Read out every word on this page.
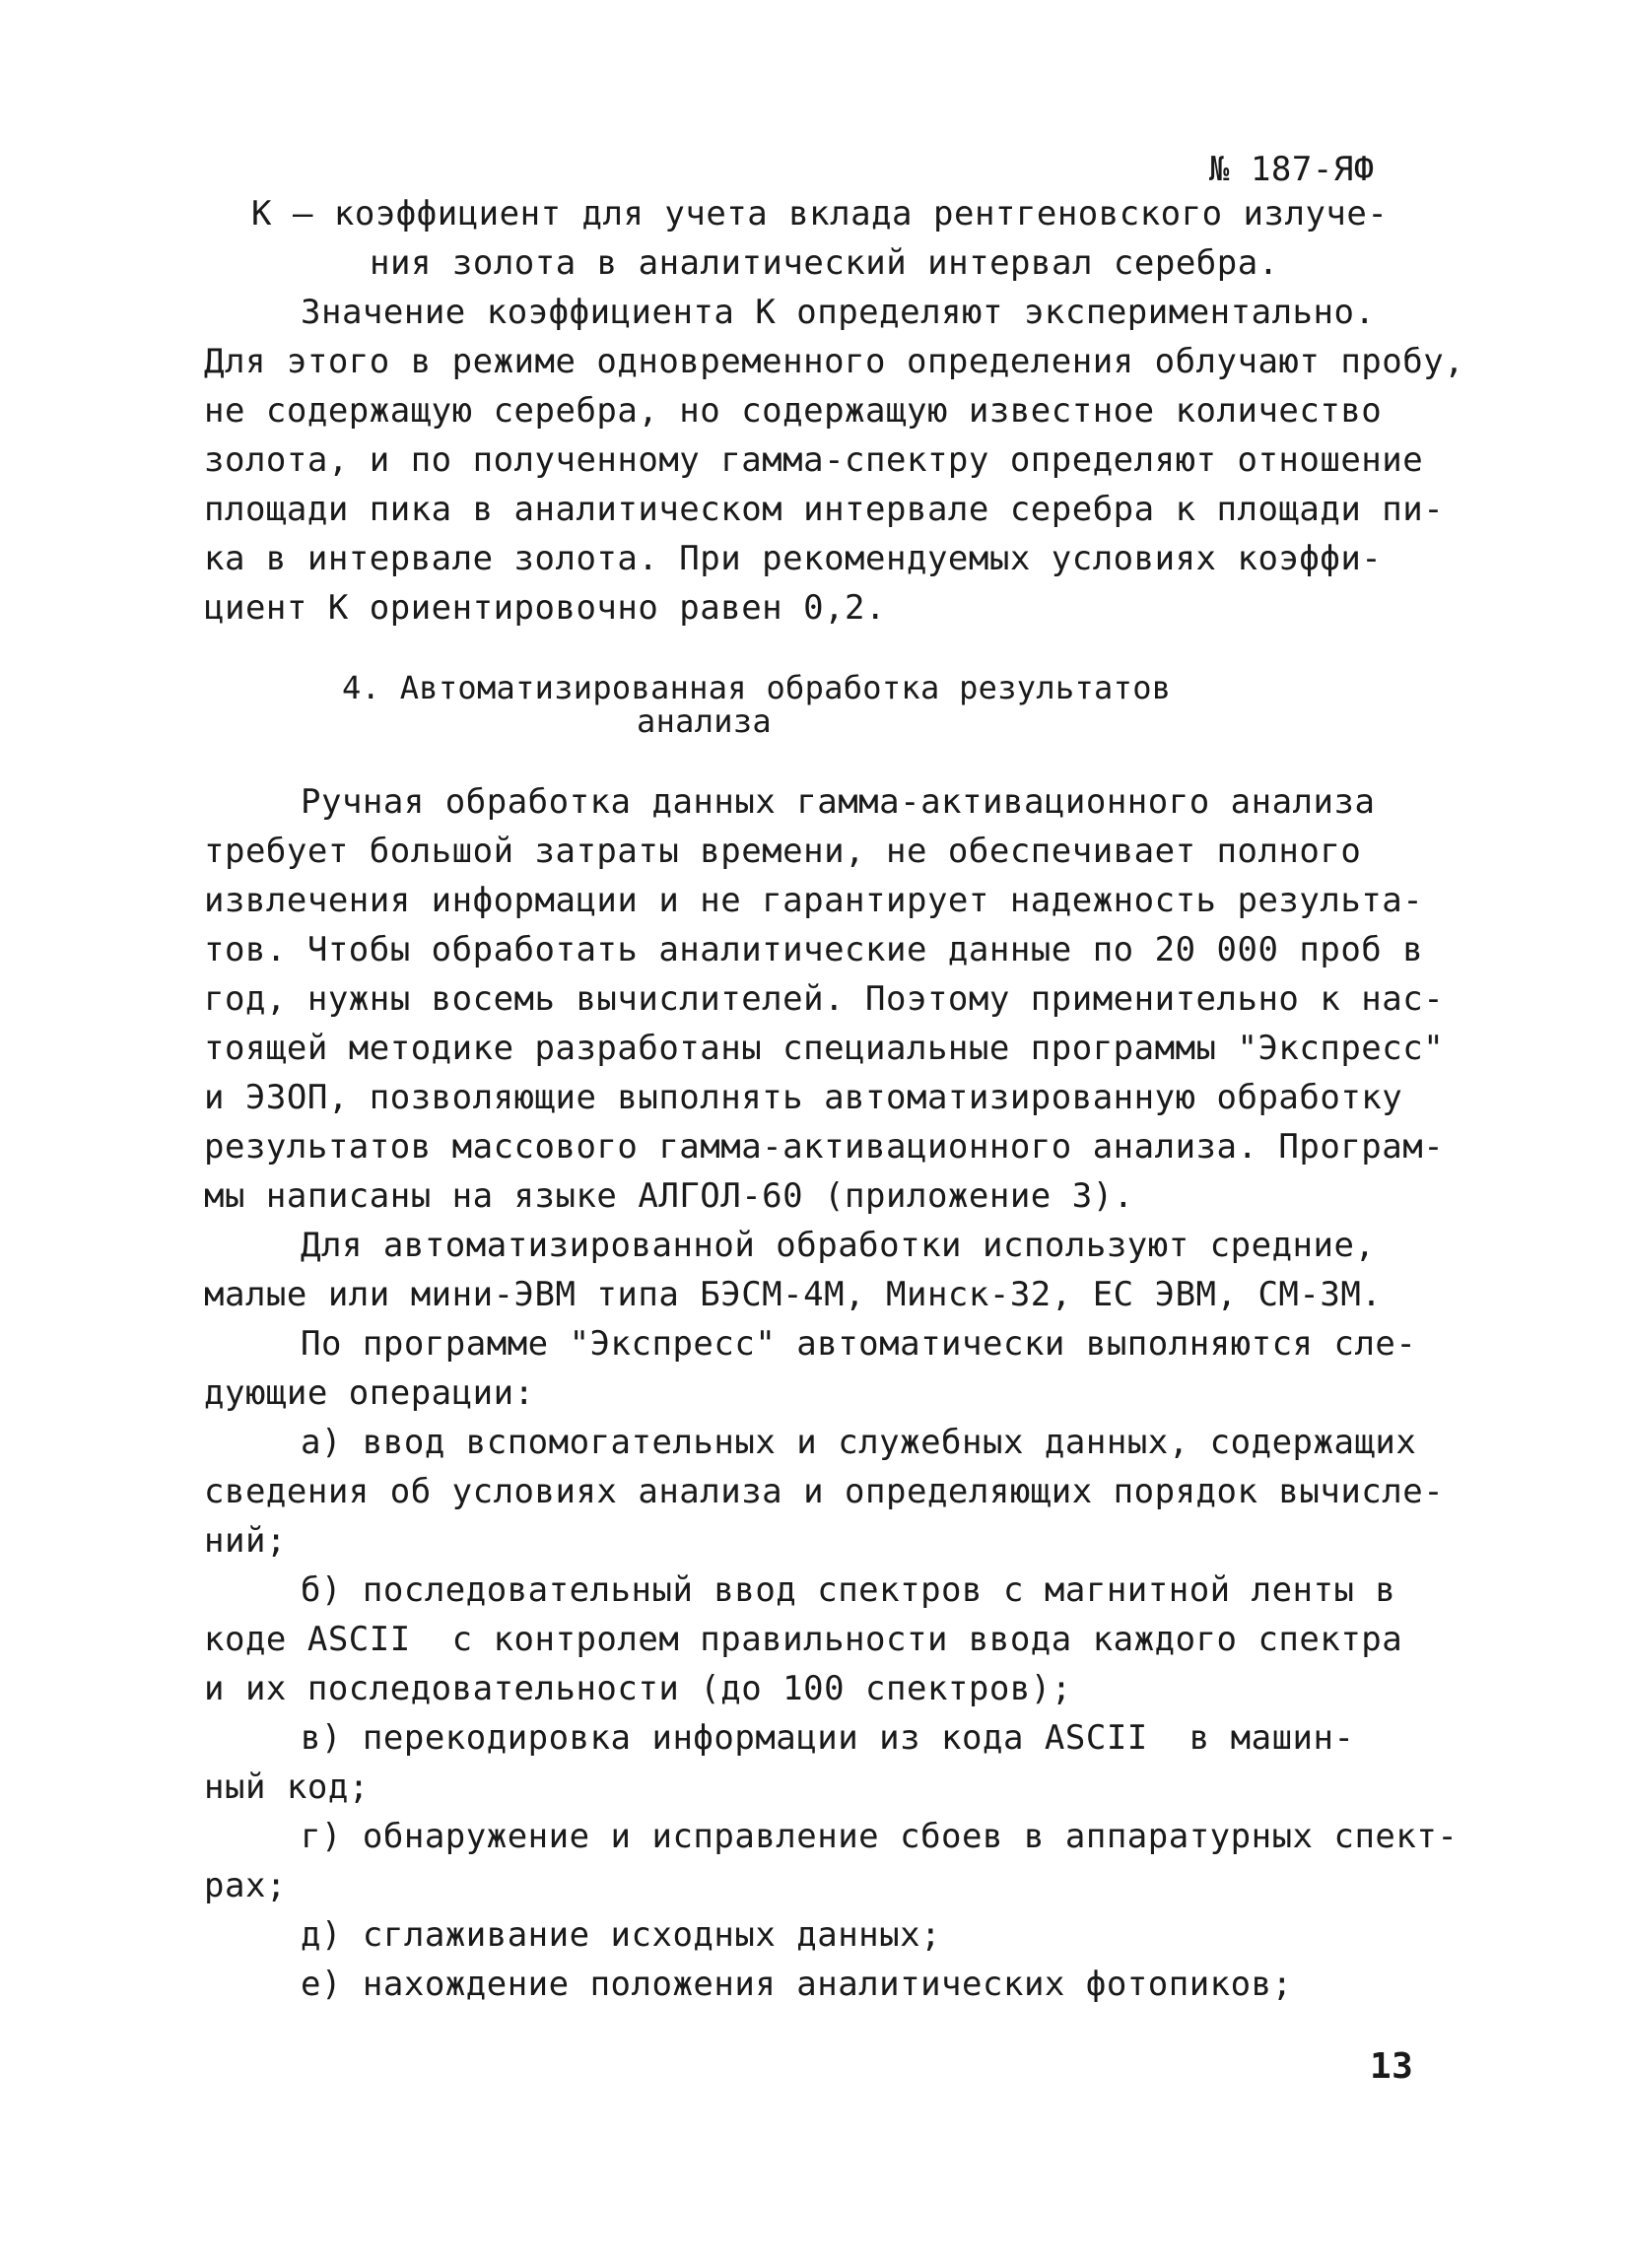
№ 187-ЯФ
К – коэффициент для учета вклада рентгеновского излуче-
ния золота в аналитический интервал серебра.
Значение коэффициента К определяют экспериментально.
Для этого в режиме одновременного определения облучают пробу,
не содержащую серебра, но содержащую известное количество
золота, и по полученному гамма-спектру определяют отношение
площади пика в аналитическом интервале серебра к площади пи-
ка в интервале золота. При рекомендуемых условиях коэффи-
циент К ориентировочно равен 0,2.
4. Автоматизированная обработка результатов
анализа
Ручная обработка данных гамма-активационного анализа
требует большой затраты времени, не обеспечивает полного
извлечения информации и не гарантирует надежность результа-
тов. Чтобы обработать аналитические данные по 20 000 проб в
год, нужны восемь вычислителей. Поэтому применительно к нас-
тоящей методике разработаны специальные программы "Экспресс"
и ЭЗОП, позволяющие выполнять автоматизированную обработку
результатов массового гамма-активационного анализа. Програм-
мы написаны на языке АЛГОЛ-60 (приложение 3).
Для автоматизированной обработки используют средние,
малые или мини-ЭВМ типа БЭСМ-4М, Минск-32, ЕС ЭВМ, СМ-3М.
По программе "Экспресс" автоматически выполняются сле-
дующие операции:
а) ввод вспомогательных и служебных данных, содержащих
сведения об условиях анализа и определяющих порядок вычисле-
ний;
б) последовательный ввод спектров с магнитной ленты в
коде ASCII  с контролем правильности ввода каждого спектра
и их последовательности (до 100 спектров);
в) перекодировка информации из кода ASCII  в машин-
ный код;
г) обнаружение и исправление сбоев в аппаратурных спект-
рах;
д) сглаживание исходных данных;
е) нахождение положения аналитических фотопиков;
13
